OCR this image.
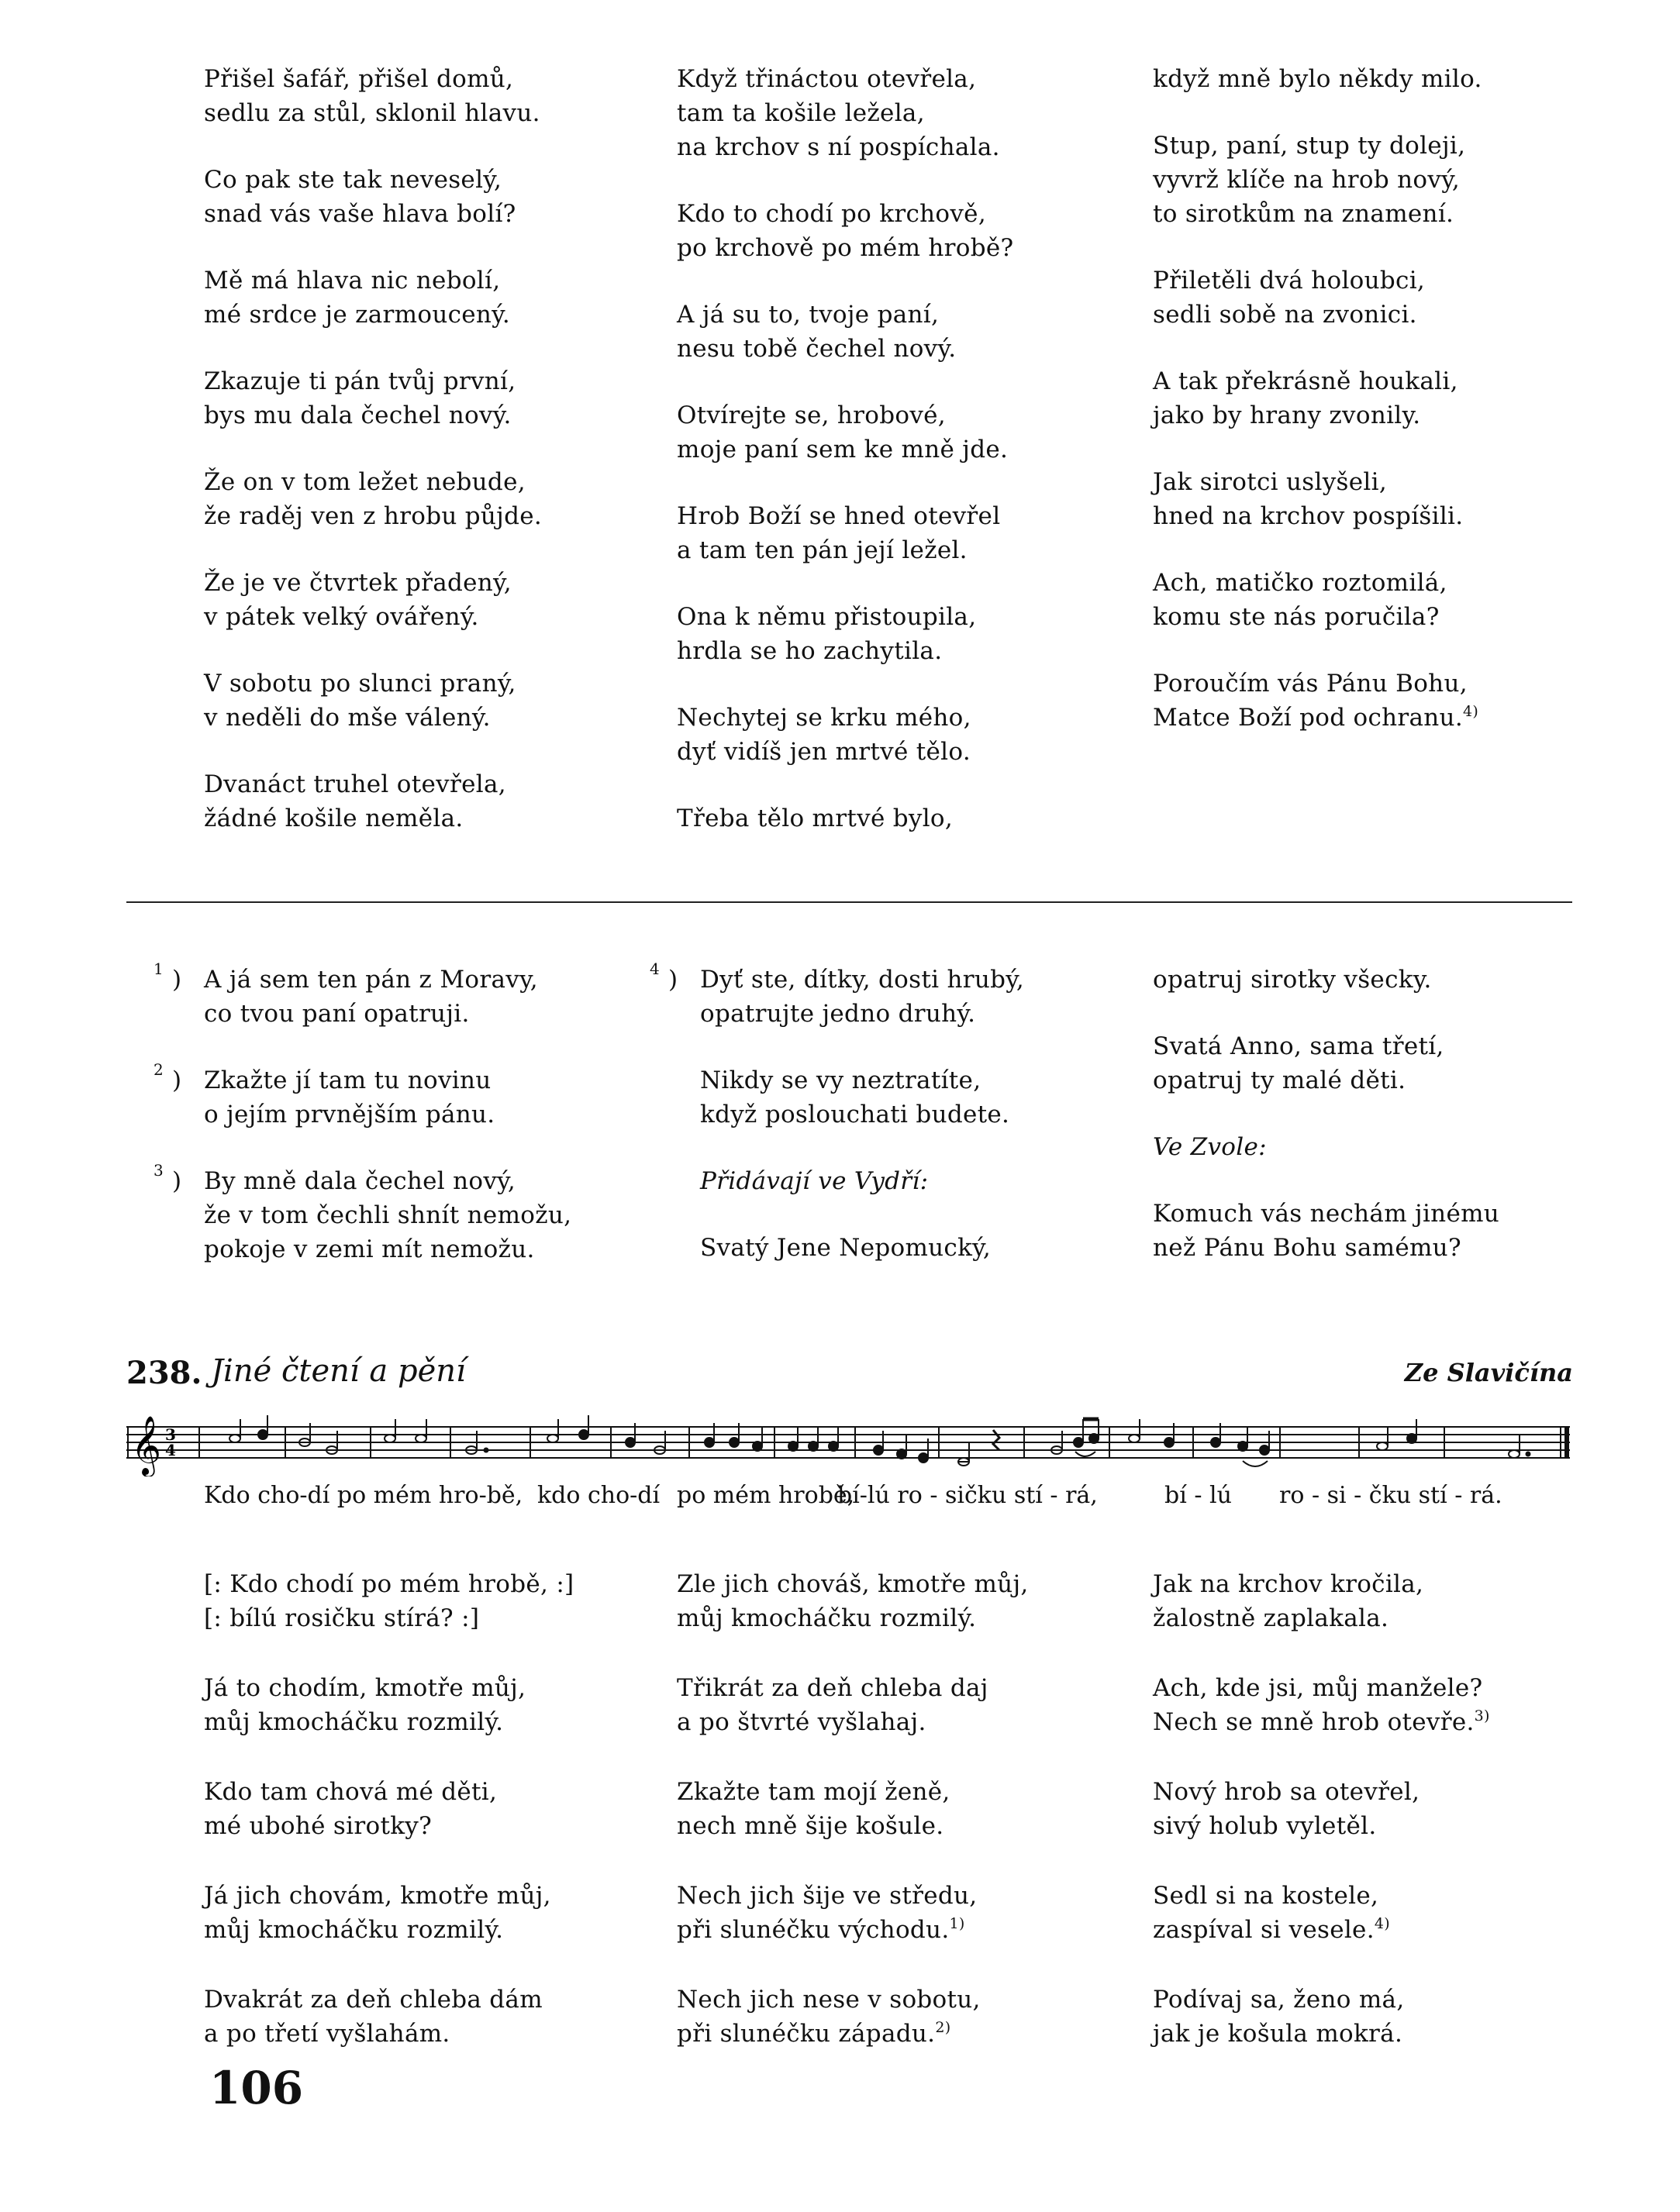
Přišel šafář, přišel domů,
sedlu za stůl, sklonil hlavu.
Co pak ste tak neveselý,
snad vás vaše hlava bolí?
Mě má hlava nic nebolí,
mé srdce je zarmoucený.
Zkazuje ti pán tvůj první,
bys mu dala čechel nový.
Že on v tom ležet nebude,
že raděj ven z hrobu půjde.
Že je ve čtvrtek přadený,
v pátek velký ovářený.
V sobotu po slunci praný,
v neděli do mše válený.
Dvanáct truhel otevřela,
žádné košile neměla.
Když třináctou otevřela,
tam ta košile ležela,
na krchov s ní pospíchala.
Kdo to chodí po krchově,
po krchově po mém hrobě?
A já su to, tvoje paní,
nesu tobě čechel nový.
Otvírejte se, hrobové,
moje paní sem ke mně jde.
Hrob Boží se hned otevřel
a tam ten pán její ležel.
Ona k němu přistoupila,
hrdla se ho zachytila.
Nechytej se krku mého,
dyť vidíš jen mrtvé tělo.
Třeba tělo mrtvé bylo,
když mně bylo někdy milo.
Stup, paní, stup ty doleji,
vyvrž klíče na hrob nový,
to sirotkům na znamení.
Přiletěli dvá holoubci,
sedli sobě na zvonici.
A tak překrásně houkali,
jako by hrany zvonily.
Jak sirotci uslyšeli,
hned na krchov pospíšili.
Ach, matičko roztomilá,
komu ste nás poručila?
Poroučím vás Pánu Bohu,
Matce Boží pod ochranu.$^{4)}$
1 ) A já sem ten pán z Moravy,
co tvou paní opatruji.
2 ) Zkažte jí tam tu novinu
o jejím prvnějším pánu.
3 ) By mně dala čechel nový,
že v tom čechli shnít nemožu,
pokoje v zemi mít nemožu.
4 ) Dyť ste, dítky, dosti hrubý,
opatrujte jedno druhý.
Nikdy se vy neztratíte,
když poslouchati budete.
Přidávají ve Vydří:
Svatý Jene Nepomucký,
opatruj sirotky všecky.
Svatá Anno, sama třetí,
opatruj ty malé děti.
Ve Zvole:
Komuch vás nechám jinému
než Pánu Bohu samému?
238. Jiné čtení a pění	Ze Slavičína
𝄞 3
4
Kdo cho-dí po mém hro-bě, kdo cho-dí po mém hrobě,
bí-lú ro - sičku stí - rá,	bí - lú ro - si - čku stí - rá.
[: Kdo chodí po mém hrobě, :]
[: bílú rosičku stírá? :]
Já to chodím, kmotře můj,
můj kmocháčku rozmilý.
Kdo tam chová mé děti,
mé ubohé sirotky?
Já jich chovám, kmotře můj,
můj kmocháčku rozmilý.
Dvakrát za deň chleba dám
a po třetí vyšlahám.
Zle jich chováš, kmotře můj,
můj kmocháčku rozmilý.
Třikrát za deň chleba daj
a po štvrté vyšlahaj.
Zkažte tam mojí ženě,
nech mně šije košule.
Nech jich šije ve středu,
při slunéčku východu.$^{1)}$
Nech jich nese v sobotu,
při slunéčku západu.$^{2)}$
Jak na krchov kročila,
žalostně zaplakala.
Ach, kde jsi, můj manžele?
Nech se mně hrob otevře.$^{3)}$
Nový hrob sa otevřel,
sivý holub vyletěl.
Sedl si na kostele,
zaspíval si vesele.$^{4)}$
Podívaj sa, ženo má,
jak je košula mokrá.
106
